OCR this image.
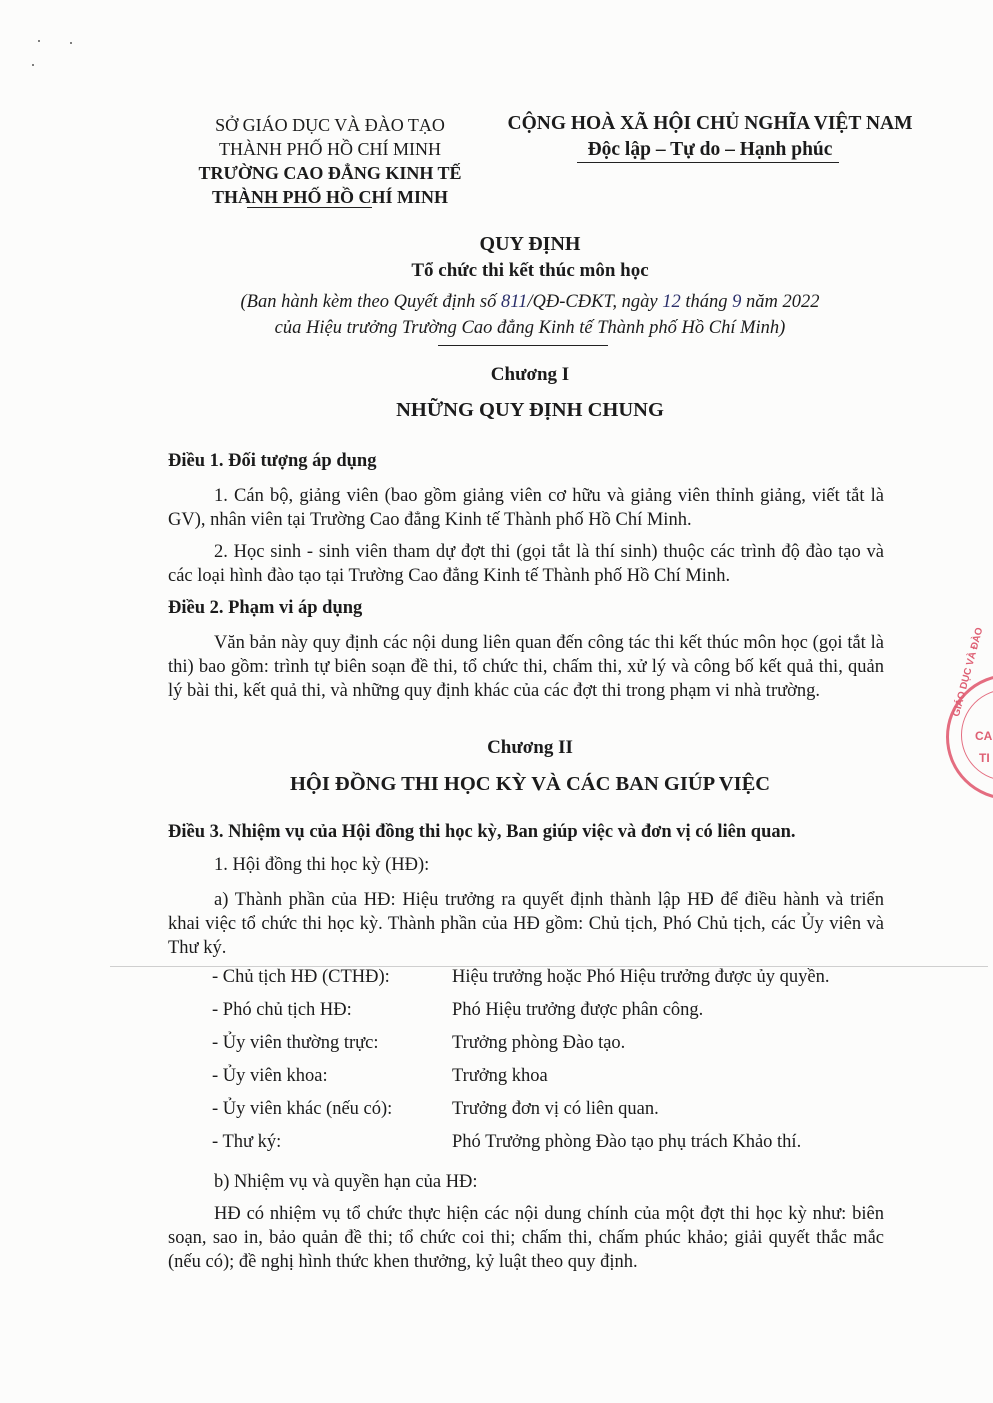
SỞ GIÁO DỤC VÀ ĐÀO TẠO
THÀNH PHỐ HỒ CHÍ MINH
TRƯỜNG CAO ĐẲNG KINH TẾ
THÀNH PHỐ HỒ CHÍ MINH
CỘNG HOÀ XÃ HỘI CHỦ NGHĨA VIỆT NAM
Độc lập – Tự do – Hạnh phúc
QUY ĐỊNH
Tổ chức thi kết thúc môn học
(Ban hành kèm theo Quyết định số 811/QĐ-CĐKT, ngày 12 tháng 9 năm 2022
của Hiệu trưởng Trường Cao đẳng Kinh tế Thành phố Hồ Chí Minh)
Chương I
NHỮNG QUY ĐỊNH CHUNG
Điều 1. Đối tượng áp dụng
1. Cán bộ, giảng viên (bao gồm giảng viên cơ hữu và giảng viên thỉnh giảng, viết tắt là GV), nhân viên tại Trường Cao đẳng Kinh tế Thành phố Hồ Chí Minh.
2. Học sinh - sinh viên tham dự đợt thi (gọi tắt là thí sinh) thuộc các trình độ đào tạo và các loại hình đào tạo tại Trường Cao đẳng Kinh tế Thành phố Hồ Chí Minh.
Điều 2. Phạm vi áp dụng
Văn bản này quy định các nội dung liên quan đến công tác thi kết thúc môn học (gọi tắt là thi) bao gồm: trình tự biên soạn đề thi, tổ chức thi, chấm thi, xử lý và công bố kết quả thi, quản lý bài thi, kết quả thi, và những quy định khác của các đợt thi trong phạm vi nhà trường.
Chương II
HỘI ĐỒNG THI HỌC KỲ VÀ CÁC BAN GIÚP VIỆC
Điều 3. Nhiệm vụ của Hội đồng thi học kỳ, Ban giúp việc và đơn vị có liên quan.
1. Hội đồng thi học kỳ (HĐ):
a) Thành phần của HĐ: Hiệu trưởng ra quyết định thành lập HĐ để điều hành và triển khai việc tổ chức thi học kỳ. Thành phần của HĐ gồm: Chủ tịch, Phó Chủ tịch, các Ủy viên và Thư ký.
- Chủ tịch HĐ (CTHĐ):	Hiệu trưởng hoặc Phó Hiệu trưởng được ủy quyền.
- Phó chủ tịch HĐ:	Phó Hiệu trưởng được phân công.
- Ủy viên thường trực:	Trưởng phòng Đào tạo.
- Ủy viên khoa:	Trưởng khoa
- Ủy viên khác (nếu có):	Trưởng đơn vị có liên quan.
- Thư ký:	Phó Trưởng phòng Đào tạo phụ trách Khảo thí.
b) Nhiệm vụ và quyền hạn của HĐ:
HĐ có nhiệm vụ tổ chức thực hiện các nội dung chính của một đợt thi học kỳ như: biên soạn, sao in, bảo quản đề thi; tổ chức coi thi; chấm thi, chấm phúc khảo; giải quyết thắc mắc (nếu có); đề nghị hình thức khen thưởng, kỷ luật theo quy định.
GIÁO DỤC VÀ ĐÀO
CA
TI
